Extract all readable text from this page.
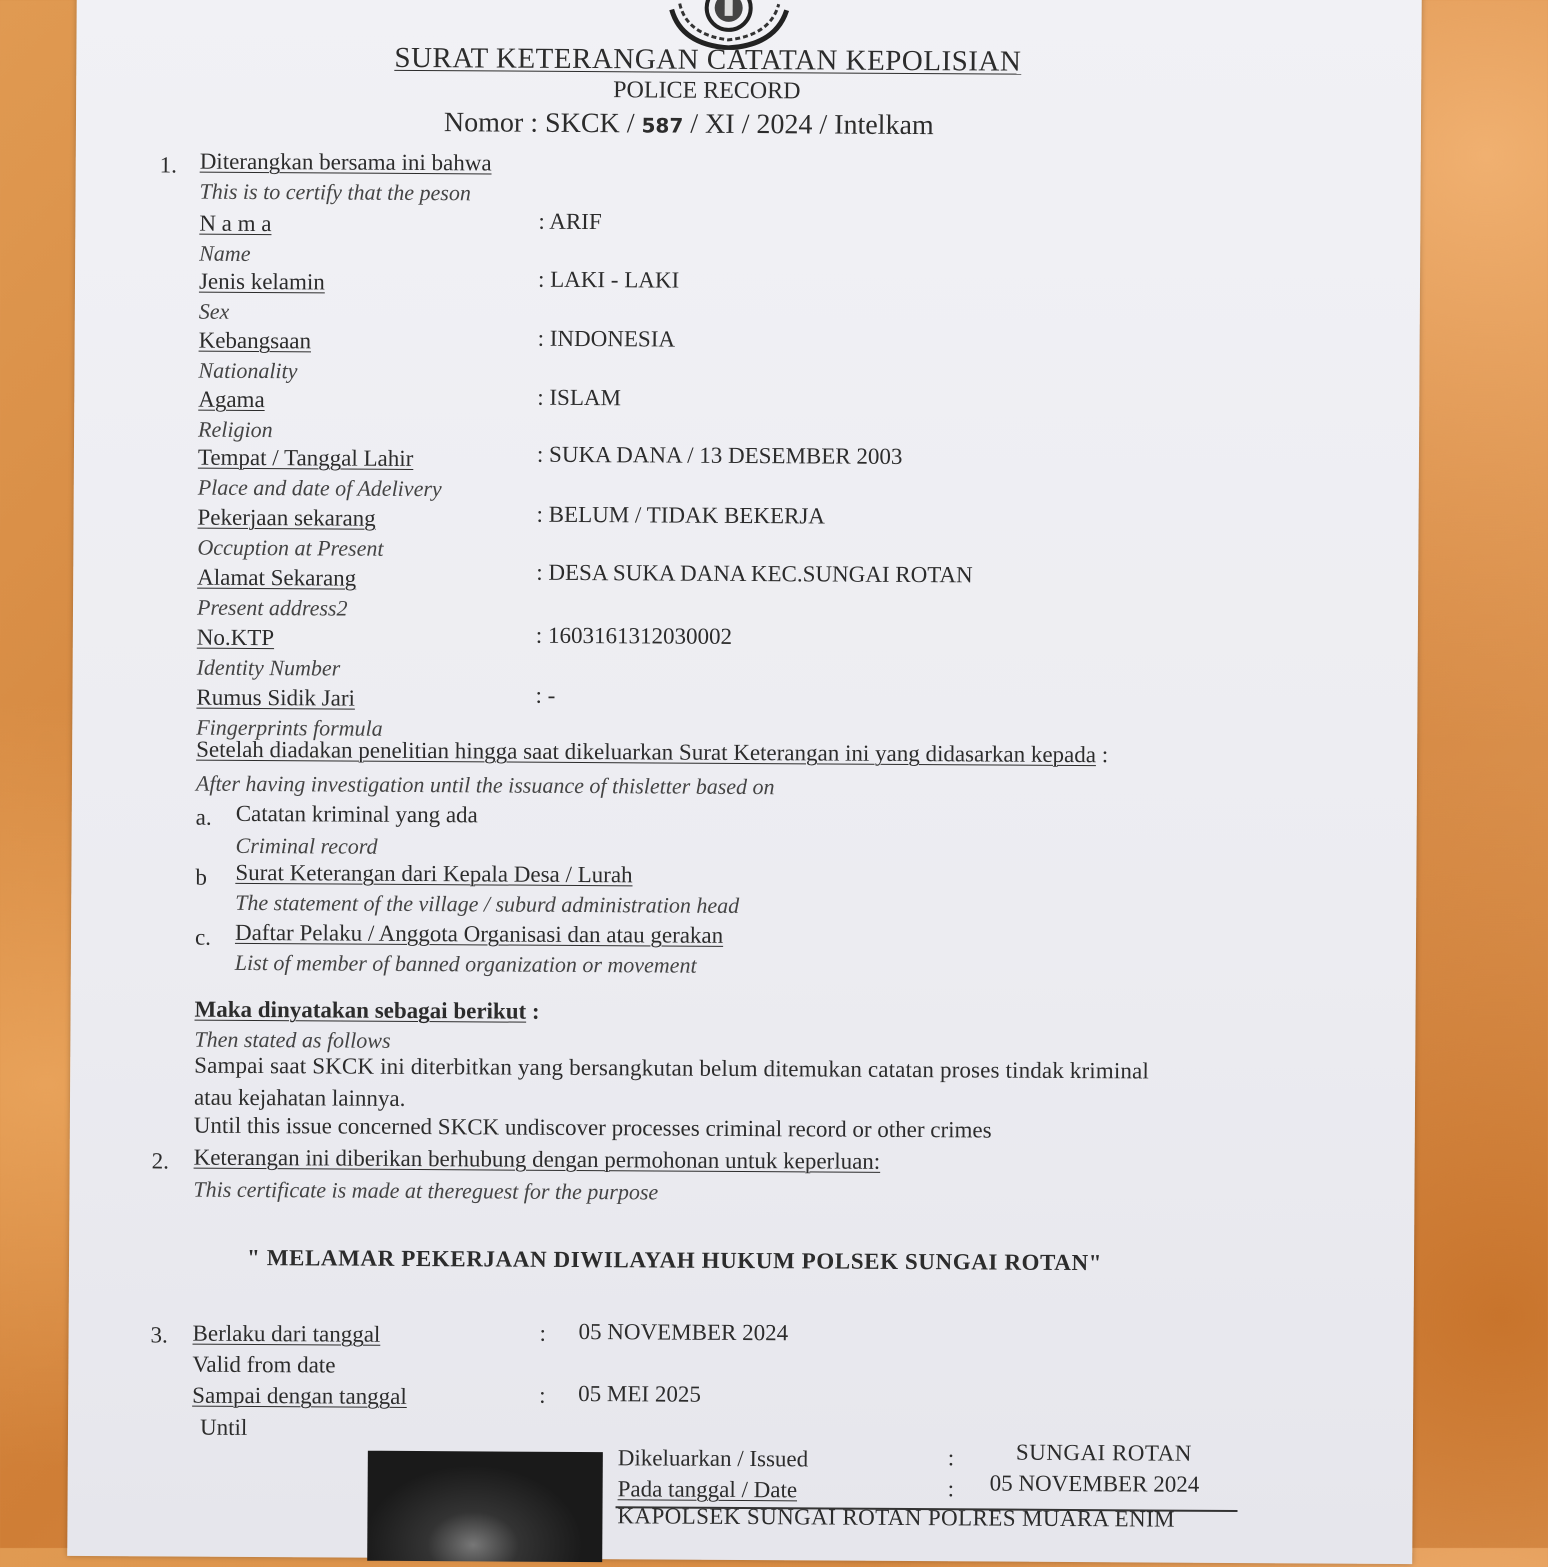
SURAT KETERANGAN CATATAN KEPOLISIAN
POLICE RECORD
Nomor : SKCK / 587 / XI / 2024 / Intelkam
1. Diterangkan bersama ini bahwa
This is to certify that the peson
N a m a
Name
: ARIF
Jenis kelamin
Sex
: LAKI - LAKI
Kebangsaan
Nationality
: INDONESIA
Agama
Religion
: ISLAM
Tempat / Tanggal Lahir
Place and date of Adelivery
: SUKA DANA / 13 DESEMBER 2003
Pekerjaan sekarang
Occuption at Present
: BELUM / TIDAK BEKERJA
Alamat Sekarang
Present address2
: DESA SUKA DANA KEC.SUNGAI ROTAN
No.KTP
Identity Number
: 1603161312030002
Rumus Sidik Jari
Fingerprints formula
: -
Setelah diadakan penelitian hingga saat dikeluarkan Surat Keterangan ini yang didasarkan kepada :
After having investigation until the issuance of thisletter based on
a. Catatan kriminal yang ada
Criminal record
b Surat Keterangan dari Kepala Desa / Lurah
The statement of the village / suburd administration head
c. Daftar Pelaku / Anggota Organisasi dan atau gerakan
List of member of banned organization or movement
Maka dinyatakan sebagai berikut :
Then stated as follows
Sampai saat SKCK ini diterbitkan yang bersangkutan belum ditemukan catatan proses tindak kriminal
atau kejahatan lainnya.
Until this issue concerned SKCK undiscover processes criminal record or other crimes
2. Keterangan ini diberikan berhubung dengan permohonan untuk keperluan:
This certificate is made at thereguest for the purpose
" MELAMAR PEKERJAAN DIWILAYAH HUKUM POLSEK SUNGAI ROTAN"
3. Berlaku dari tanggal	: 05 NOVEMBER 2024
Valid from date
Sampai dengan tanggal	: 05 MEI 2025
Until
Dikeluarkan / Issued	:	SUNGAI ROTAN
Pada tanggal / Date	: 05 NOVEMBER 2024
KAPOLSEK SUNGAI ROTAN POLRES MUARA ENIM
